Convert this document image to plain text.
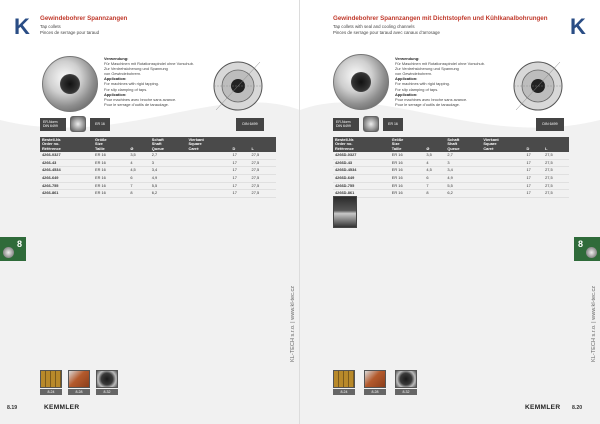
K	Gewindebohrer Spannzangen
Tap collets
Pinces de serrage pour taraud
Verwendung:
Für Maschinen mit Rotationsspindel ohne Vorschub.
Zur Verdrehsicherung und Spannung
von Gewindebohrern.
Application:
For machines with rigid tapping.
For slip clamping of taps.
Application:
Pour machines avec broche sans avance.
Pour le serrage d’outils de taraudage.
ER-Norm
DIN 6499
ER 16	DIN 6499
Bestell-Nr.
Order no.
Référence	Größe
Size
Taille	Ø	Schaft
Shaft
Queue	Vierkant
Square
Carré	D	L
4266-0327	ER 16	3,5	2,7		17	27,5
4266-43	ER 16	4	3		17	27,5
4266-4534	ER 16	4,5	3,4		17	27,5
4266-649	ER 16	6	4,9		17	27,5
4266-755	ER 16	7	5,5		17	27,5
4266-861	ER 16	8	6,2		17	27,5
8
KL-TECH s.r.o. | www.kl-tec.cz
8.24	8.28	8.32
8.19	KEMMLER
K
Gewindebohrer Spannzangen mit Dichtstopfen und Kühlkanalbohrungen
Tap collets with seal and cooling channels
Pinces de serrage pour taraud avec canaux d’arrosage
Verwendung:
Für Maschinen mit Rotationsspindel ohne Vorschub.
Zur Verdrehsicherung und Spannung
von Gewindebohrern.
Application:
For machines with rigid tapping.
For slip clamping of taps.
Application:
Pour machines avec broche sans avance.
Pour le serrage d’outils de taraudage.
ER-Norm
DIN 6499
ER 16	DIN 6499
Bestell-Nr.
Order no.
Référence	Größe
Size
Taille	Ø	Schaft
Shaft
Queue	Vierkant
Square
Carré	D	L
4266D-0327	ER 16	3,5	2,7		17	27,5
4266D-43	ER 16	4	3		17	27,5
4266D-4534	ER 16	4,5	3,4		17	27,5
4266D-649	ER 16	6	4,9		17	27,5
4266D-755	ER 16	7	5,5		17	27,5
4266D-861	ER 16	8	6,2		17	27,5
8
KL-TECH s.r.o. | www.kl-tec.cz
8.24	8.28	8.32
KEMMLER 8.20
